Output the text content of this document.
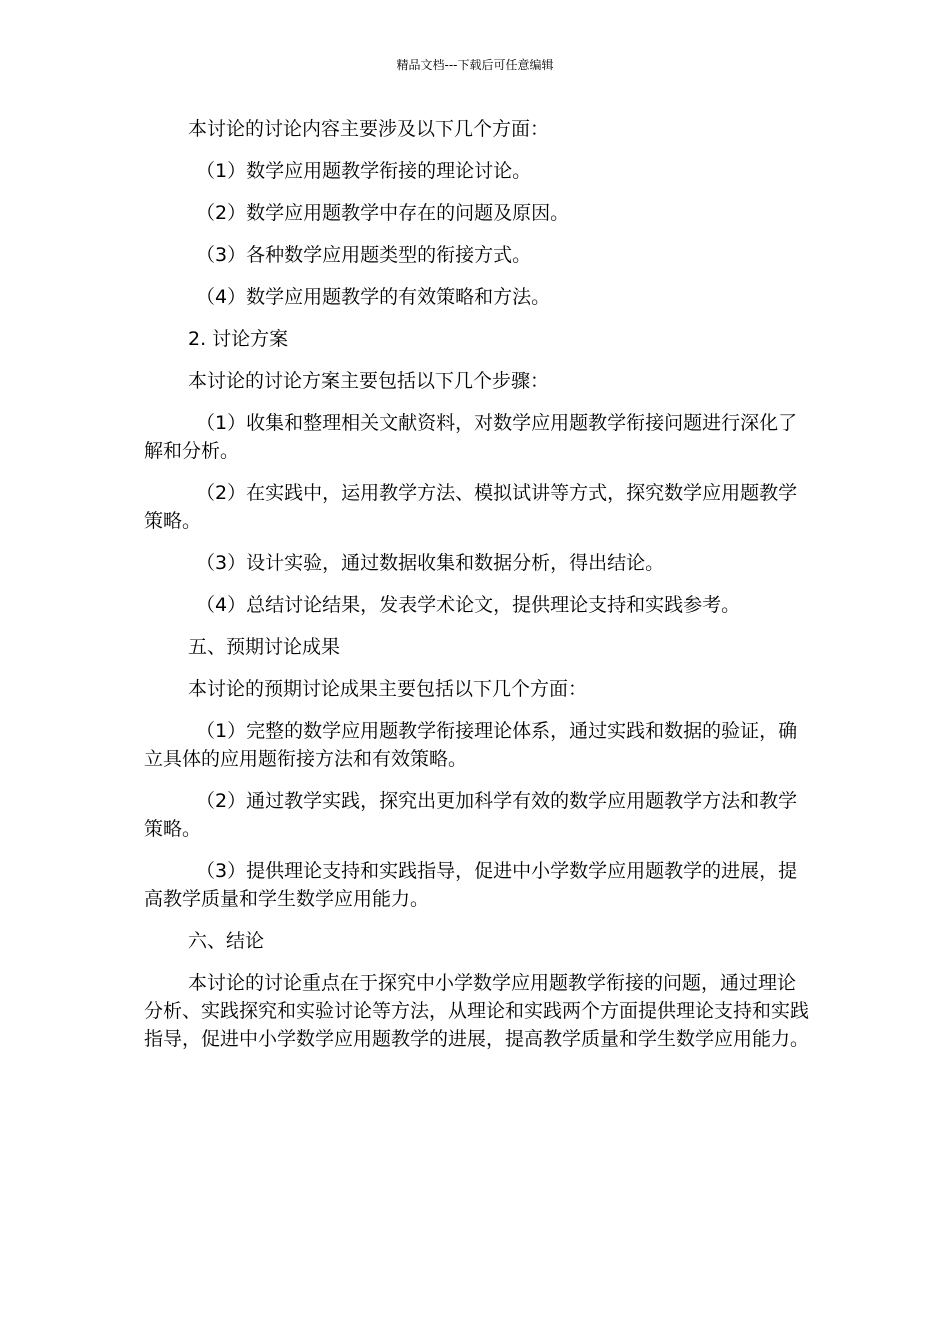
精品文档---下载后可任意编辑

本讨论的讨论内容主要涉及以下几个方面：

（1）数学应用题教学衔接的理论讨论。

（2）数学应用题教学中存在的问题及原因。

（3）各种数学应用题类型的衔接方式。

（4）数学应用题教学的有效策略和方法。

2. 讨论方案

本讨论的讨论方案主要包括以下几个步骤：

（1）收集和整理相关文献资料，对数学应用题教学衔接问题进行深化了解和分析。

（2）在实践中，运用教学方法、模拟试讲等方式，探究数学应用题教学策略。

（3）设计实验，通过数据收集和数据分析，得出结论。

（4）总结讨论结果，发表学术论文，提供理论支持和实践参考。

五、预期讨论成果

本讨论的预期讨论成果主要包括以下几个方面：

（1）完整的数学应用题教学衔接理论体系，通过实践和数据的验证，确立具体的应用题衔接方法和有效策略。

（2）通过教学实践，探究出更加科学有效的数学应用题教学方法和教学策略。

（3）提供理论支持和实践指导，促进中小学数学应用题教学的进展，提高教学质量和学生数学应用能力。

六、结论

本讨论的讨论重点在于探究中小学数学应用题教学衔接的问题，通过理论分析、实践探究和实验讨论等方法，从理论和实践两个方面提供理论支持和实践指导，促进中小学数学应用题教学的进展，提高教学质量和学生数学应用能力。
